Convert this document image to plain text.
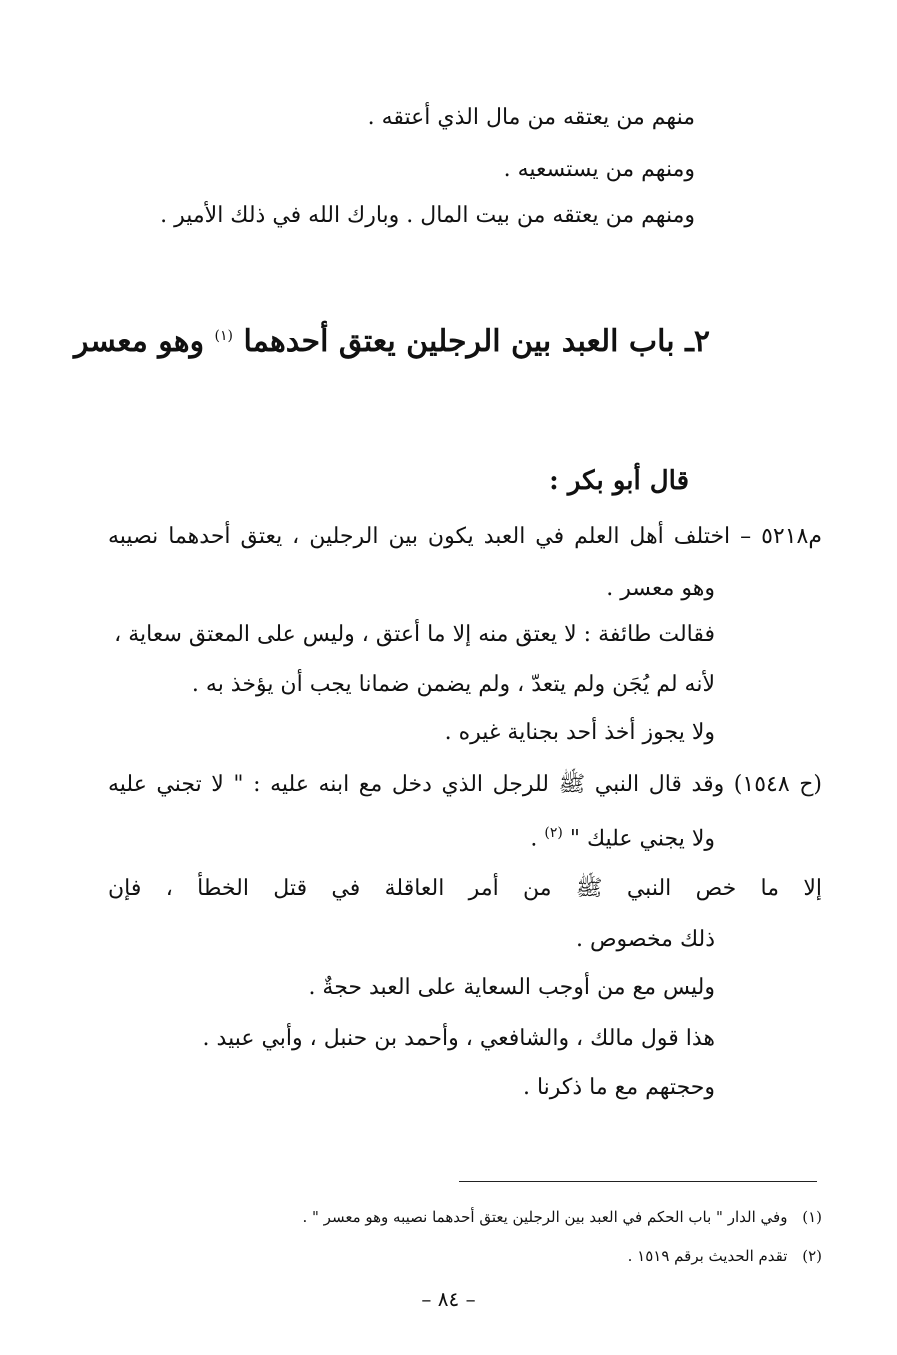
منهم من يعتقه من مال الذي أعتقه .
ومنهم من يستسعيه .
ومنهم من يعتقه من بيت المال . وبارك الله في ذلك الأمير .
٢ـ باب العبد بين الرجلين يعتق أحدهما $^{(١)}$ وهو معسر
قال أبو بكر :
م٥٢١٨ – اختلف أهل العلم في العبد يكون بين الرجلين ، يعتق أحدهما نصيبه
وهو معسر .
فقالت طائفة : لا يعتق منه إلا ما أعتق ، وليس على المعتق سعاية ،
لأنه لم يُجَن ولم يتعدّ ، ولم يضمن ضمانا يجب أن يؤخذ به .
ولا يجوز أخذ أحد بجناية غيره .
(ح ١٥٤٨) وقد قال النبي ﷺ للرجل الذي دخل مع ابنه عليه : " لا تجني عليه
ولا يجني عليك " $^{(٢)}$ .
إلا ما خص النبي ﷺ من أمر العاقلة في قتل الخطأ ، فإن
ذلك مخصوص .
وليس مع من أوجب السعاية على العبد حجةٌ .
هذا قول مالك ، والشافعي ، وأحمد بن حنبل ، وأبي عبيد .
وحجتهم مع ما ذكرنا .
(١) وفي الدار " باب الحكم في العبد بين الرجلين يعتق أحدهما نصيبه وهو معسر " .
(٢) تقدم الحديث برقم ١٥١٩ .
– ٨٤ –
